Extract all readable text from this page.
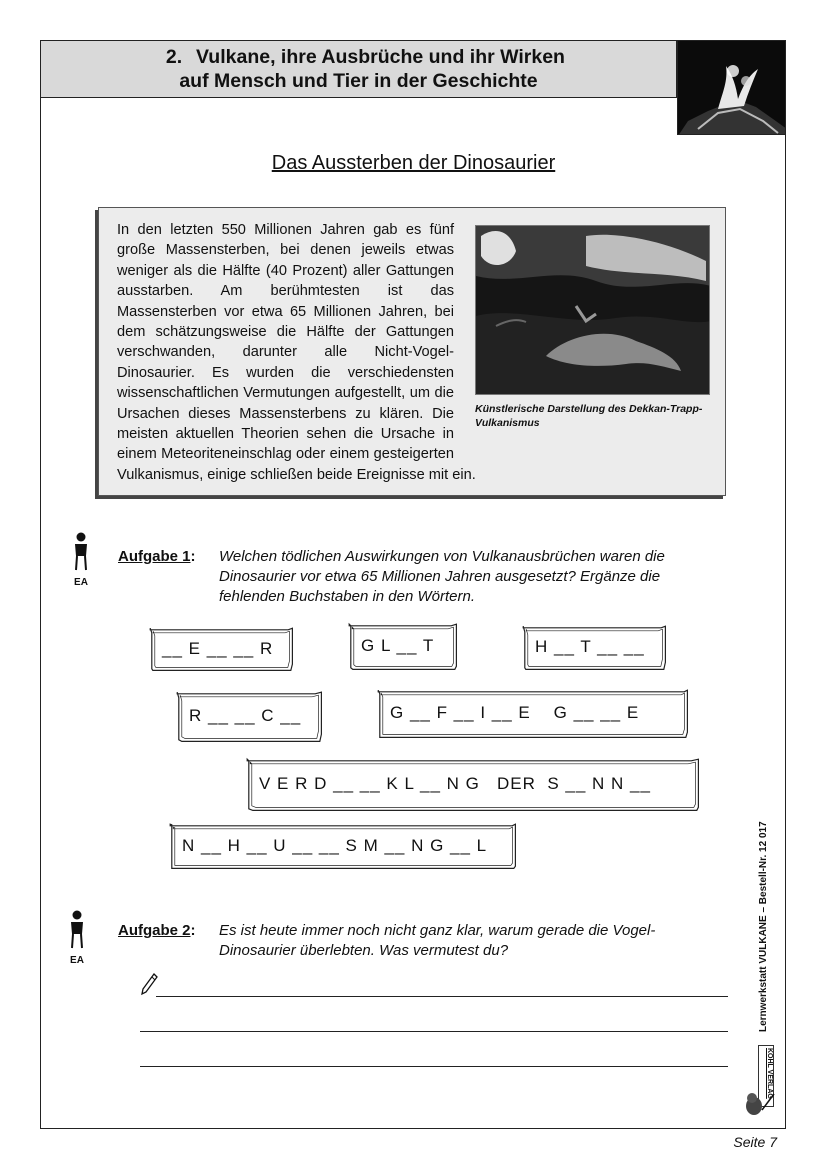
2. Vulkane, ihre Ausbrüche und ihr Wirken
auf Mensch und Tier in der Geschichte
Das Aussterben der Dinosaurier
In den letzten 550 Millionen Jahren gab es fünf große Massensterben, bei denen jeweils etwas weniger als die Hälfte (40 Prozent) aller Gattungen ausstarben. Am berühmtesten ist das Massensterben vor etwa 65 Millionen Jahren, bei dem schätzungsweise die Hälfte der Gattungen verschwanden, darunter alle Nicht-Vogel-Dinosaurier. Es wurden die verschiedensten wissenschaftlichen Vermutungen aufgestellt, um die Ursachen dieses Massensterbens zu klären. Die meisten aktuellen Theorien sehen die Ursache in einem Meteoriteneinschlag oder einem gesteigerten Vulkanismus, einige schließen beide Ereignisse mit ein.
Künstlerische Darstellung des Dekkan-Trapp-Vulkanismus
EA
Aufgabe 1: Welchen tödlichen Auswirkungen von Vulkanausbrüchen waren die Dinosaurier vor etwa 65 Millionen Jahren ausgesetzt? Ergänze die fehlenden Buchstaben in den Wörtern.
__ E __ __ R	G L __ T	H __ T __ __
R __ __ C __	G __ F __ I __ E    G __ __ E
V E R D __ __ K L __ N G   DER  S __ N N __
N __ H __ U __ __ S M __ N G __ L
EA
Aufgabe 2: Es ist heute immer noch nicht ganz klar, warum gerade die Vogel-Dinosaurier überlebten. Was vermutest du?	Lernwerkstatt VULKANE – Bestell-Nr. 12 017
KOHL VERLAG
Seite 7
